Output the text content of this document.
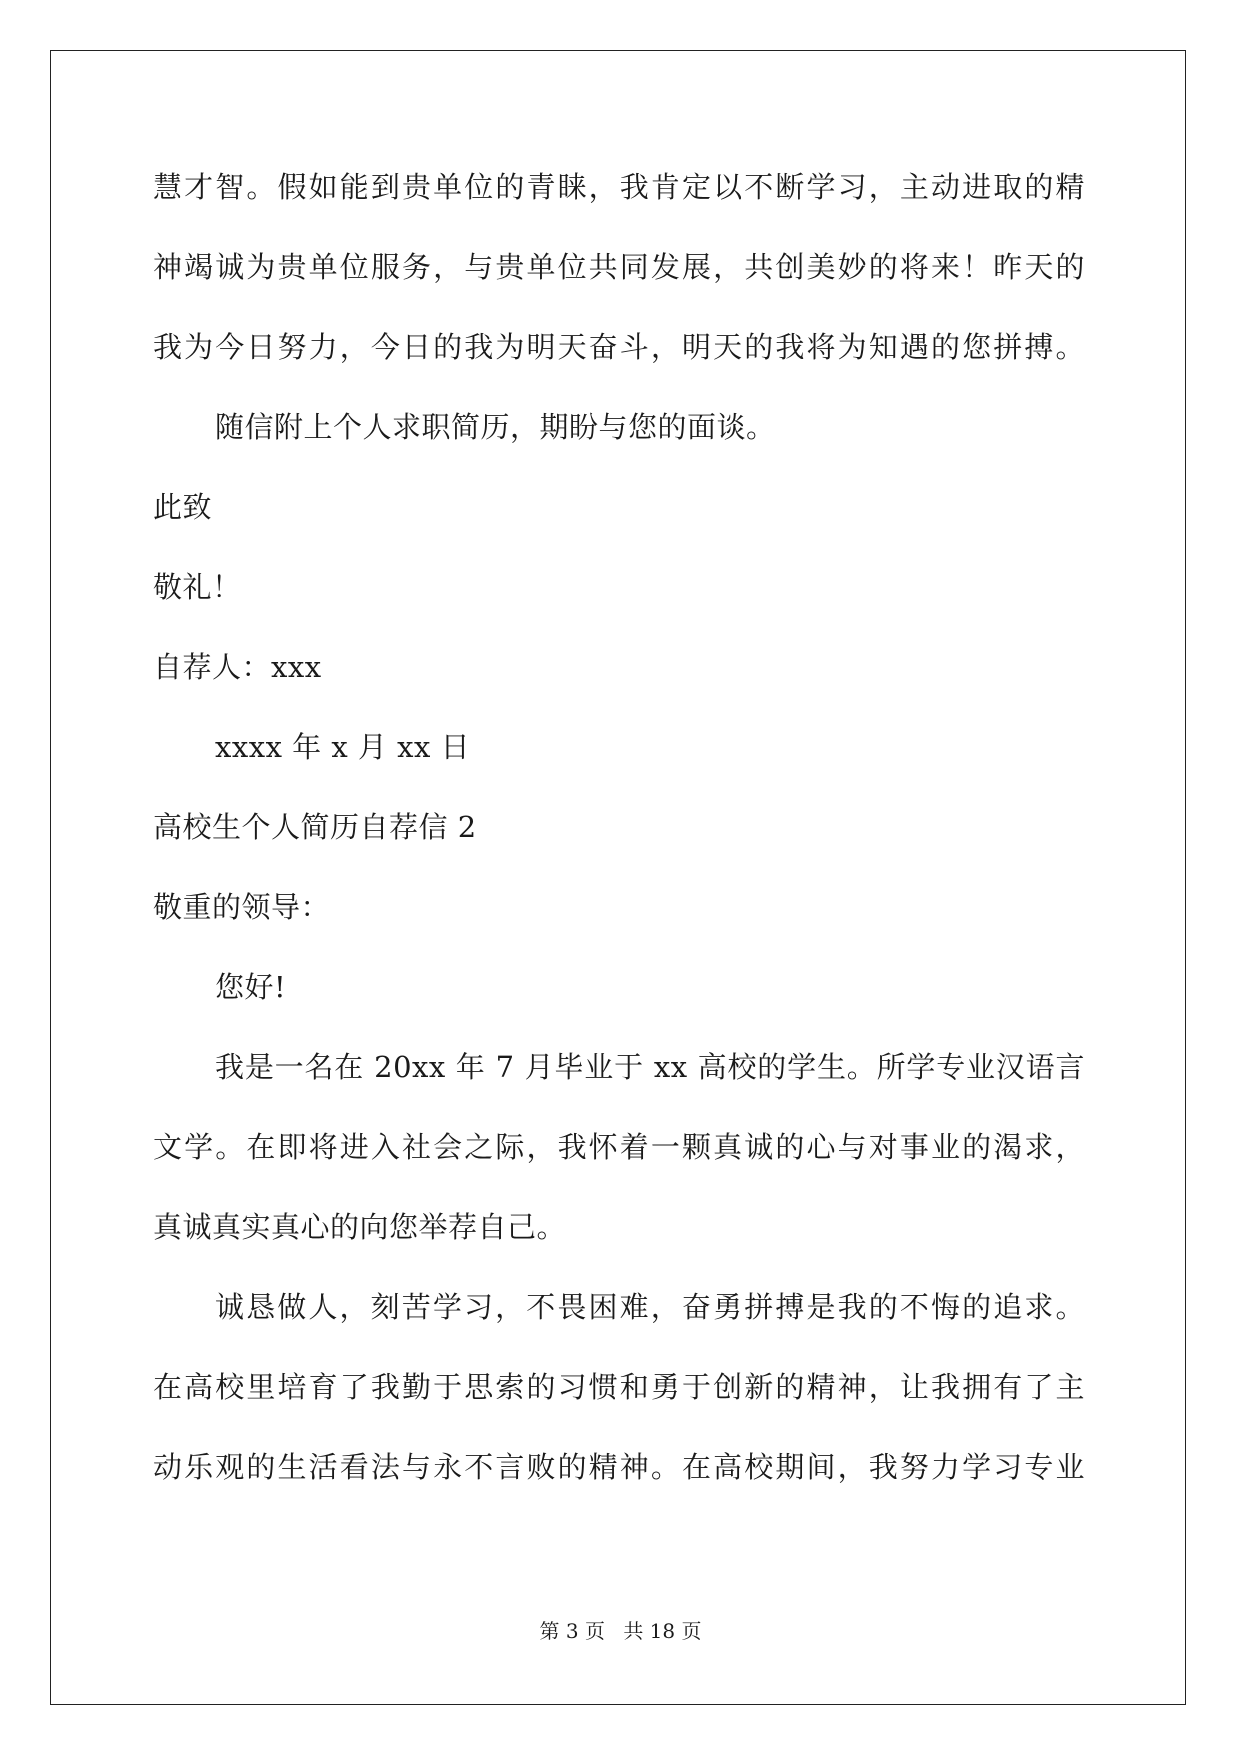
慧才智。假如能到贵单位的青睐，我肯定以不断学习，主动进取的精
神竭诚为贵单位服务，与贵单位共同发展，共创美妙的将来！昨天的
我为今日努力，今日的我为明天奋斗，明天的我将为知遇的您拼搏。
随信附上个人求职简历，期盼与您的面谈。
此致
敬礼！
自荐人：xxx
xxxx 年 x 月 xx 日
高校生个人简历自荐信 2
敬重的领导：
您好!
我是一名在 20xx 年 7 月毕业于 xx 高校的学生。所学专业汉语言
文学。在即将进入社会之际，我怀着一颗真诚的心与对事业的渴求，
真诚真实真心的向您举荐自己。
诚恳做人，刻苦学习，不畏困难，奋勇拼搏是我的不悔的追求。
在高校里培育了我勤于思索的习惯和勇于创新的精神，让我拥有了主
动乐观的生活看法与永不言败的精神。在高校期间，我努力学习专业
第 3 页 共 18 页
